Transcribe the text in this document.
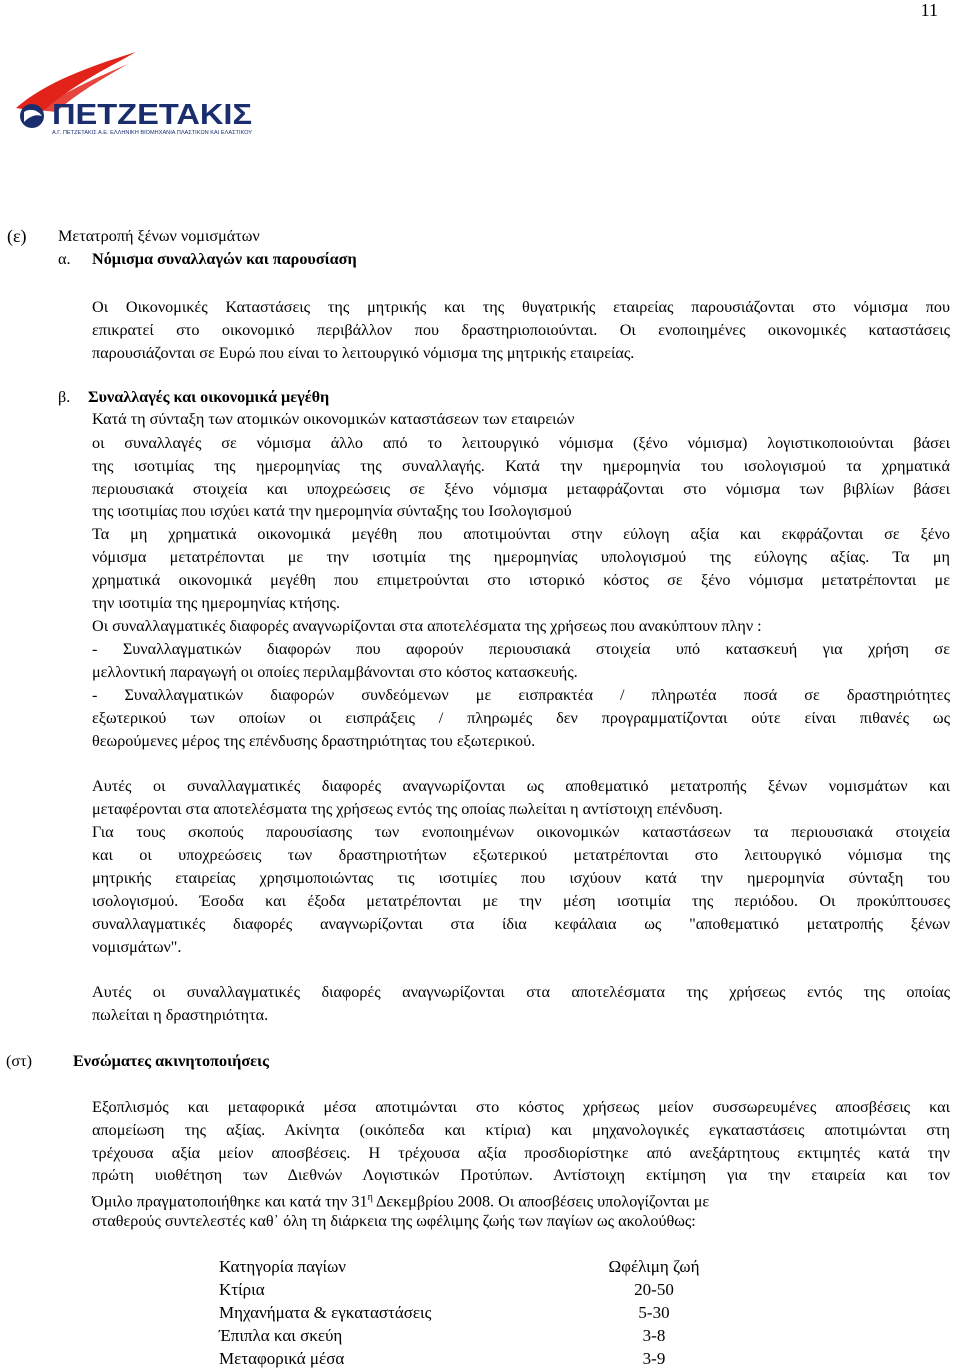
11
ΠΕΤΖΕΤΑΚΙΣ
Α.Γ. ΠΕΤΖΕΤΑΚΙΣ Α.Ε. ΕΛΛΗΝΙΚΗ ΒΙΟΜΗΧΑΝΙΑ ΠΛΑΣΤΙΚΩΝ ΚΑΙ ΕΛΑΣΤΙΚΟΥ

(ε) Μετατροπή ξένων νομισμάτων

α. Νόμισμα συναλλαγών και παρουσίαση

Οι Οικονομικές Καταστάσεις της μητρικής και της θυγατρικής εταιρείας παρουσιάζονται στο νόμισμα που

επικρατεί στο οικονομικό περιβάλλον που δραστηριοποιούνται. Οι ενοποιημένες οικονομικές καταστάσεις

παρουσιάζονται σε Ευρώ που είναι το λειτουργικό νόμισμα της μητρικής εταιρείας.

β. Συναλλαγές και οικονομικά μεγέθη

Κατά τη σύνταξη των ατομικών οικονομικών καταστάσεων των εταιρειών

οι συναλλαγές σε νόμισμα άλλο από το λειτουργικό νόμισμα (ξένο νόμισμα) λογιστικοποιούνται βάσει

της ισοτιμίας της ημερομηνίας της συναλλαγής. Κατά την ημερομηνία του ισολογισμού τα χρηματικά

περιουσιακά στοιχεία και υποχρεώσεις σε ξένο νόμισμα μεταφράζονται στο νόμισμα των βιβλίων βάσει

της ισοτιμίας που ισχύει κατά την ημερομηνία σύνταξης του Ισολογισμού

Τα μη χρηματικά οικονομικά μεγέθη που αποτιμούνται στην εύλογη αξία και εκφράζονται σε ξένο

νόμισμα μετατρέπονται με την ισοτιμία της ημερομηνίας υπολογισμού της εύλογης αξίας. Τα μη

χρηματικά οικονομικά μεγέθη που επιμετρούνται στο ιστορικό κόστος σε ξένο νόμισμα μετατρέπονται με

την ισοτιμία της ημερομηνίας κτήσης.

Οι συναλλαγματικές διαφορές αναγνωρίζονται στα αποτελέσματα της χρήσεως που ανακύπτουν πλην :

- Συναλλαγματικών διαφορών που αφορούν περιουσιακά στοιχεία υπό κατασκευή για χρήση σε

μελλοντική παραγωγή οι οποίες περιλαμβάνονται στο κόστος κατασκευής.

- Συναλλαγματικών διαφορών συνδεόμενων με εισπρακτέα / πληρωτέα ποσά σε δραστηριότητες

εξωτερικού των οποίων οι εισπράξεις / πληρωμές δεν προγραμματίζονται ούτε είναι πιθανές ως

θεωρούμενες μέρος της επένδυσης δραστηριότητας του εξωτερικού.

Αυτές οι συναλλαγματικές διαφορές αναγνωρίζονται ως αποθεματικό μετατροπής ξένων νομισμάτων και

μεταφέρονται στα αποτελέσματα της χρήσεως εντός της οποίας πωλείται η αντίστοιχη επένδυση.

Για τους σκοπούς παρουσίασης των ενοποιημένων οικονομικών καταστάσεων τα περιουσιακά στοιχεία

και οι υποχρεώσεις των δραστηριοτήτων εξωτερικού μετατρέπονται στο λειτουργικό νόμισμα της

μητρικής εταιρείας χρησιμοποιώντας τις ισοτιμίες που ισχύουν κατά την ημερομηνία σύνταξη του

ισολογισμού. Έσοδα και έξοδα μετατρέπονται με την μέση ισοτιμία της περιόδου. Οι προκύπτουσες

συναλλαγματικές διαφορές αναγνωρίζονται στα ίδια κεφάλαια ως "αποθεματικό μετατροπής ξένων

νομισμάτων".

Αυτές οι συναλλαγματικές διαφορές αναγνωρίζονται στα αποτελέσματα της χρήσεως εντός της οποίας

πωλείται η δραστηριότητα.

(στ)	Ενσώματες ακινητοποιήσεις

Εξοπλισμός και μεταφορικά μέσα αποτιμώνται στο κόστος χρήσεως μείον συσσωρευμένες αποσβέσεις και

απομείωση της αξίας. Ακίνητα (οικόπεδα και κτίρια) και μηχανολογικές εγκαταστάσεις αποτιμώνται στη

τρέχουσα αξία μείον αποσβέσεις. Η τρέχουσα αξία προσδιορίστηκε από ανεξάρτητους εκτιμητές κατά την

πρώτη υιοθέτηση των Διεθνών Λογιστικών Προτύπων. Αντίστοιχη εκτίμηση για την εταιρεία και τον

Όμιλο πραγματοποιήθηκε και κατά την $31^\eta$ Δεκεμβρίου 2008. Οι αποσβέσεις υπολογίζονται με

σταθερούς συντελεστές καθ᾽ όλη τη διάρκεια της ωφέλιμης ζωής των παγίων ως ακολούθως:

Κατηγορία παγίων	Ωφέλιμη ζωή
Κτίρια	20-50
Μηχανήματα & εγκαταστάσεις	5-30
Έπιπλα και σκεύη	3-8
Μεταφορικά μέσα	3-9
